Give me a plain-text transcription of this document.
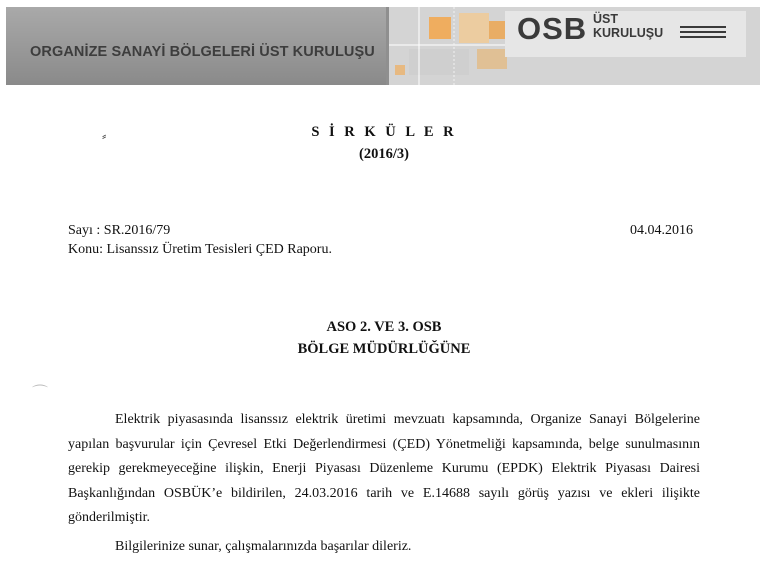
ORGANİZE SANAYİ BÖLGELERİ ÜST KURULUŞU
OSB ÜST
KURULUŞU
⸗
⌒
S İ R K Ü L E R
(2016/3)
Sayı : SR.2016/79
Konu: Lisanssız Üretim Tesisleri ÇED Raporu.
04.04.2016
ASO 2. VE 3. OSB
BÖLGE MÜDÜRLÜĞÜNE

Elektrik piyasasında lisanssız elektrik üretimi mevzuatı kapsamında, Organize Sanayi Bölgelerine yapılan başvurular için Çevresel Etki Değerlendirmesi (ÇED) Yönetmeliği kapsamında, belge sunulmasının gerekip gerekmeyeceğine ilişkin, Enerji Piyasası Düzenleme Kurumu (EPDK) Elektrik Piyasası Dairesi Başkanlığından OSBÜK’e bildirilen, 24.03.2016 tarih ve E.14688 sayılı görüş yazısı ve ekleri ilişikte gönderilmiştir.

Bilgilerinize sunar, çalışmalarınızda başarılar dileriz.
